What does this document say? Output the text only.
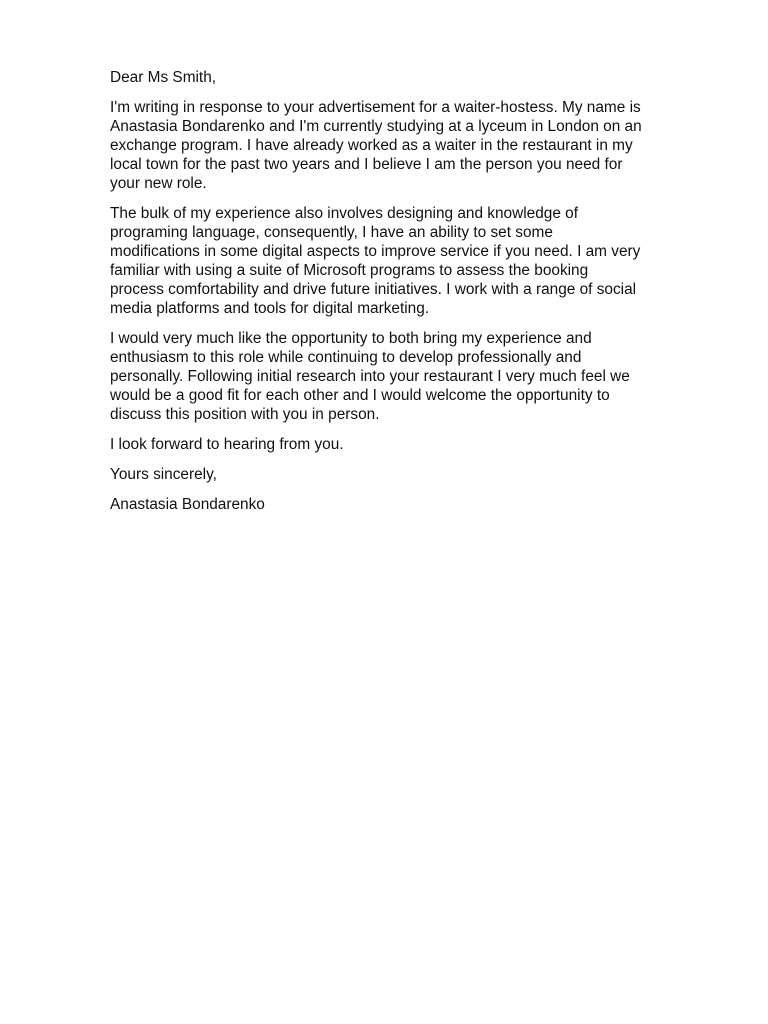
Dear Ms Smith,

I'm writing in response to your advertisement for a waiter-hostess. My name is
Anastasia Bondarenko and I'm currently studying at a lyceum in London on an
exchange program. I have already worked as a waiter in the restaurant in my
local town for the past two years and I believe I am the person you need for
your new role.

The bulk of my experience also involves designing and knowledge of
programing language, consequently, I have an ability to set some
modifications in some digital aspects to improve service if you need. I am very
familiar with using a suite of Microsoft programs to assess the booking
process comfortability and drive future initiatives. I work with a range of social
media platforms and tools for digital marketing.

I would very much like the opportunity to both bring my experience and
enthusiasm to this role while continuing to develop professionally and
personally. Following initial research into your restaurant I very much feel we
would be a good fit for each other and I would welcome the opportunity to
discuss this position with you in person.

I look forward to hearing from you.

Yours sincerely,

Anastasia Bondarenko
